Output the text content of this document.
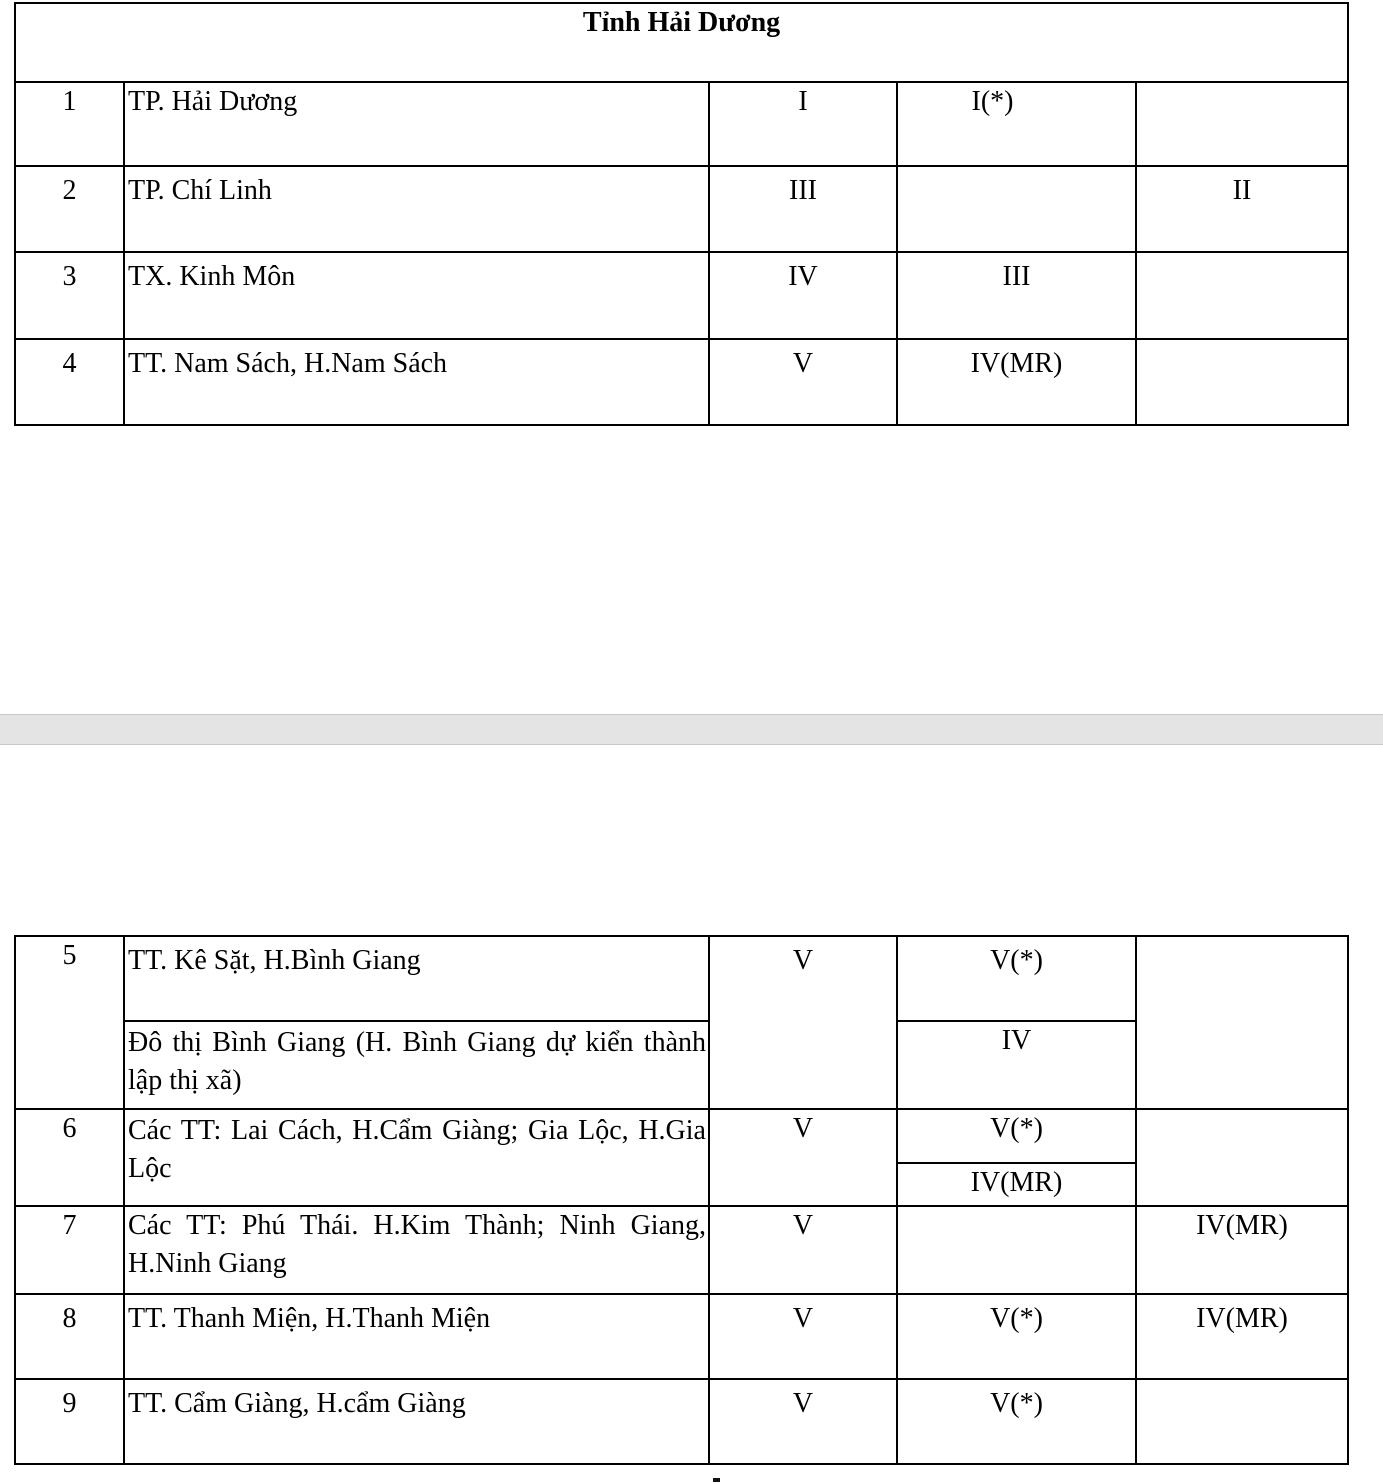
Tỉnh Hải Dương				
1	TP. Hải Dương	I	I(*)	
2	TP. Chí Linh	III		II
3	TX. Kinh Môn	IV	III	
4	TT. Nam Sách, H.Nam Sách	V	IV(MR)	
5	TT. Kê Sặt, H.Bình Giang	V	V(*)	
	Đô thị Bình Giang (H. Bình Giang dự kiển thành lập thị xã)		IV	
6	Các TT: Lai Cách, H.Cẩm Giàng; Gia Lộc, H.Gia Lộc	V	V(*)	
			IV(MR)	
7	Các TT: Phú Thái. H.Kim Thành; Ninh Giang, H.Ninh Giang	V		IV(MR)
8	TT. Thanh Miện, H.Thanh Miện	V	V(*)	IV(MR)
9	TT. Cẩm Giàng, H.cẩm Giàng	V	V(*)	
